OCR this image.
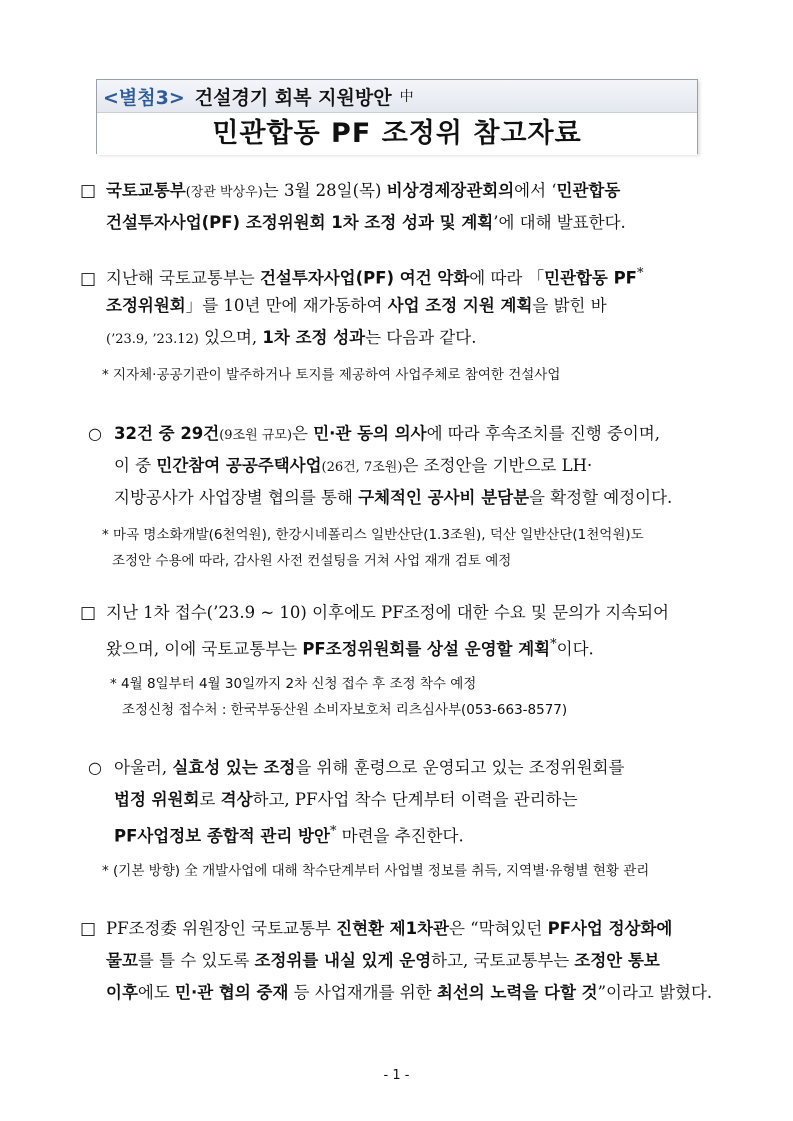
<별첨3> 건설경기 회복 지원방안 中
민관합동 PF 조정위 참고자료
□ 국토교통부(장관 박상우)는 3월 28일(목) 비상경제장관회의에서 ‘민관합동
건설투자사업(PF) 조정위원회 1차 조정 성과 및 계획’에 대해 발표한다.
□ 지난해 국토교통부는 건설투자사업(PF) 여건 악화에 따라 「민관합동 PF*
조정위원회」를 10년 만에 재가동하여 사업 조정 지원 계획을 밝힌 바
(’23.9, ’23.12) 있으며, 1차 조정 성과는 다음과 같다.
* 지자체·공공기관이 발주하거나 토지를 제공하여 사업주체로 참여한 건설사업
○ 32건 중 29건(9조원 규모)은 민·관 동의 의사에 따라 후속조치를 진행 중이며,
이 중 민간참여 공공주택사업(26건, 7조원)은 조정안을 기반으로 LH·
지방공사가 사업장별 협의를 통해 구체적인 공사비 분담분을 확정할 예정이다.
* 마곡 명소화개발(6천억원), 한강시네폴리스 일반산단(1.3조원), 덕산 일반산단(1천억원)도
조정안 수용에 따라, 감사원 사전 컨설팅을 거쳐 사업 재개 검토 예정
□ 지난 1차 접수(’23.9 ~ 10) 이후에도 PF조정에 대한 수요 및 문의가 지속되어
왔으며, 이에 국토교통부는 PF조정위원회를 상설 운영할 계획*이다.
* 4월 8일부터 4월 30일까지 2차 신청 접수 후 조정 착수 예정
조정신청 접수처 : 한국부동산원 소비자보호처 리츠심사부(053-663-8577)
○ 아울러, 실효성 있는 조정을 위해 훈령으로 운영되고 있는 조정위원회를
법정 위원회로 격상하고, PF사업 착수 단계부터 이력을 관리하는
PF사업정보 종합적 관리 방안* 마련을 추진한다.
* (기본 방향) 全 개발사업에 대해 착수단계부터 사업별 정보를 취득, 지역별·유형별 현황 관리
□ PF조정委 위원장인 국토교통부 진현환 제1차관은 “막혀있던 PF사업 정상화에
물꼬를 틀 수 있도록 조정위를 내실 있게 운영하고, 국토교통부는 조정안 통보
이후에도 민·관 협의 중재 등 사업재개를 위한 최선의 노력을 다할 것”이라고 밝혔다.
- 1 -
